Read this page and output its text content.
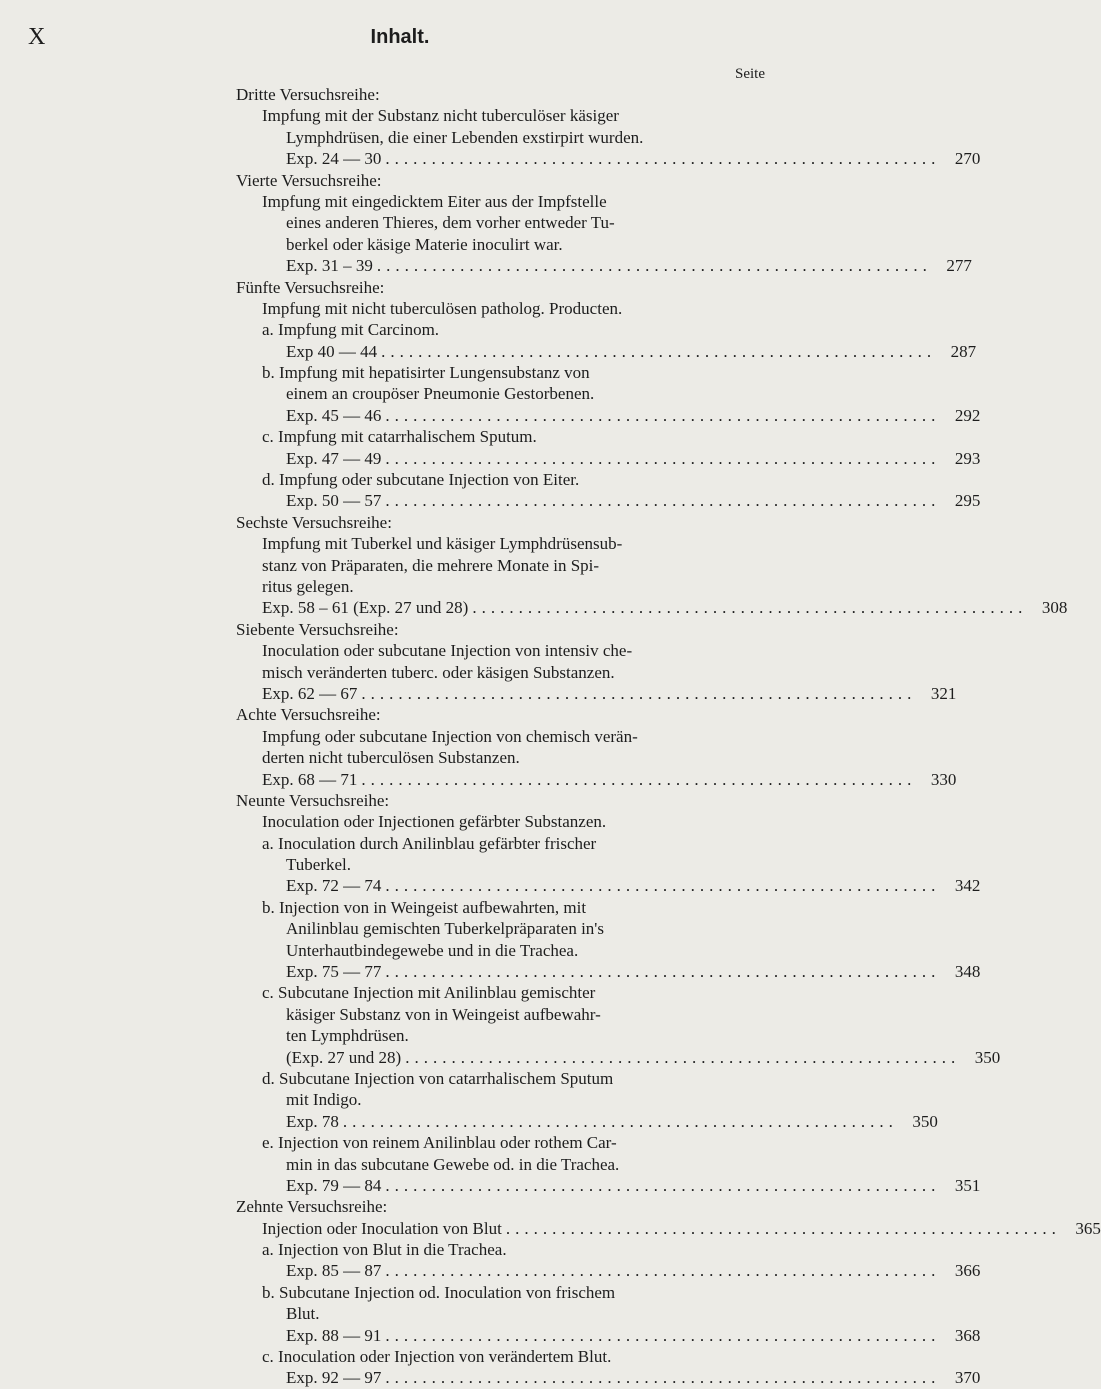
X	Inhalt.
Seite
Dritte Versuchsreihe:
Impfung mit der Substanz nicht tuberculöser käsiger
Lymphdrüsen, die einer Lebenden exstirpirt wurden.
Exp. 24 — 30 ............................................................ 270
Vierte Versuchsreihe:
Impfung mit eingedicktem Eiter aus der Impfstelle
eines anderen Thieres, dem vorher entweder Tu-
berkel oder käsige Materie inoculirt war.
Exp. 31 – 39 ............................................................ 277
Fünfte Versuchsreihe:
Impfung mit nicht tuberculösen patholog. Producten.
a. Impfung mit Carcinom.
Exp 40 — 44 ............................................................ 287
b. Impfung mit hepatisirter Lungensubstanz von
einem an croupöser Pneumonie Gestorbenen.
Exp. 45 — 46 ............................................................ 292
c. Impfung mit catarrhalischem Sputum.
Exp. 47 — 49 ............................................................ 293
d. Impfung oder subcutane Injection von Eiter.
Exp. 50 — 57 ............................................................ 295
Sechste Versuchsreihe:
Impfung mit Tuberkel und käsiger Lymphdrüsensub-
stanz von Präparaten, die mehrere Monate in Spi-
ritus gelegen.
Exp. 58 – 61 (Exp. 27 und 28) ............................................................ 308
Siebente Versuchsreihe:
Inoculation oder subcutane Injection von intensiv che-
misch veränderten tuberc. oder käsigen Substanzen.
Exp. 62 — 67 ............................................................ 321
Achte Versuchsreihe:
Impfung oder subcutane Injection von chemisch verän-
derten nicht tuberculösen Substanzen.
Exp. 68 — 71 ............................................................ 330
Neunte Versuchsreihe:
Inoculation oder Injectionen gefärbter Substanzen.
a. Inoculation durch Anilinblau gefärbter frischer
Tuberkel.
Exp. 72 — 74 ............................................................ 342
b. Injection von in Weingeist aufbewahrten, mit
Anilinblau gemischten Tuberkelpräparaten in's
Unterhautbindegewebe und in die Trachea.
Exp. 75 — 77 ............................................................ 348
c. Subcutane Injection mit Anilinblau gemischter
käsiger Substanz von in Weingeist aufbewahr-
ten Lymphdrüsen.
(Exp. 27 und 28) ............................................................ 350
d. Subcutane Injection von catarrhalischem Sputum
mit Indigo.
Exp. 78 ............................................................ 350
e. Injection von reinem Anilinblau oder rothem Car-
min in das subcutane Gewebe od. in die Trachea.
Exp. 79 — 84 ............................................................ 351
Zehnte Versuchsreihe:
Injection oder Inoculation von Blut ............................................................ 365
a. Injection von Blut in die Trachea.
Exp. 85 — 87 ............................................................ 366
b. Subcutane Injection od. Inoculation von frischem
Blut.
Exp. 88 — 91 ............................................................ 368
c. Inoculation oder Injection von verändertem Blut.
Exp. 92 — 97 ............................................................ 370
